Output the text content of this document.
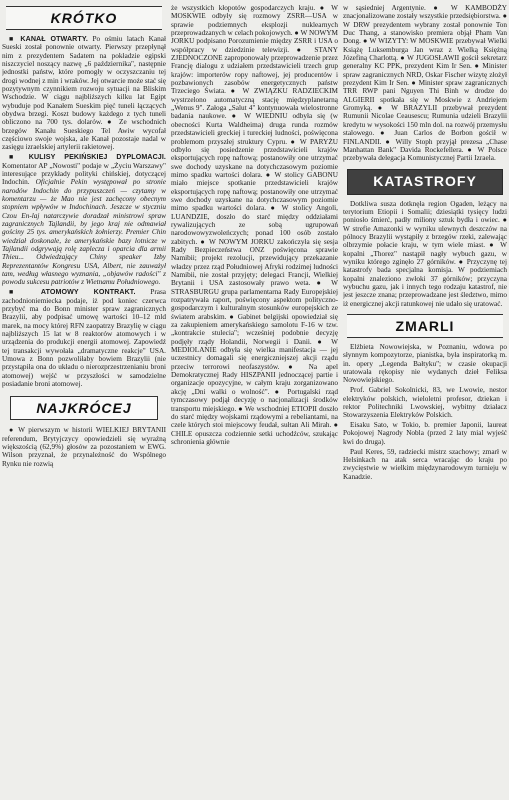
KRÓTKO

■ KANAŁ OTWARTY. Po ośmiu latach Kanał Sueski został ponownie otwarty. Pierwszy przepłynął nim z prezydentem Sadatem na pokładzie egipski niszczyciel noszący nazwę „6 października", następnie jednostki państw, które pomogły w oczyszczaniu tej drogi wodnej z min i wraków. Jej otwarcie może stać się pozytywnym czynnikiem rozwoju sytuacji na Bliskim Wschodzie. W ciągu najbliższych kilku lat Egipt wybuduje pod Kanałem Sueskim pięć tuneli łączących obydwa brzegi. Koszt budowy każdego z tych tuneli obliczono na 700 tys. dolarów. ● Ze wschodnich brzegów Kanału Sueskiego Tel Awiw wycofał częściowo swoje wojska, ale Kanał pozostaje nadal w zasięgu izraelskiej artylerii rakietowej.

■ KULISY PEKIŃSKIEJ DYPLOMACJI. Komentator AP „Nowosti" podaje w „Życiu Warszawy" interesujące przykłady polityki chińskiej, dotyczącej Indochin. Oficjalnie Pekin występował po stronie narodów Indochin do przypuszczeń — czytamy w komentarzu — że Mao nie jest zachęcony obecnym stopniem wpływów w Indochinach. Jeszcze w styczniu Czou En-laj natarczywie doradzał ministrowi spraw zagranicznych Tajlandii, by jego kraj nie odmawiał gościny 25 tys. amerykańskich żołnierzy. Premier Chin wiedział doskonale, że amerykańskie bazy lotnicze w Tajlandii odgrywają rolę zaplecza i oparcia dla armii Thieu... Odwiedzający Chiny speaker Izby Reprezentantów Kongresu USA, Albert, nie zauważył tam, według własnego wyznania, „objawów radości" z powodu sukcesu patriotów z Wietnamu Południowego.

■ ATOMOWY KONTRAKT. Prasa zachodnioniemiecka podaje, iż pod koniec czerwca przybyć ma do Bonn minister spraw zagranicznych Brazylii, aby podpisać umowę wartości 10–12 mld marek, na mocy której RFN zaopatrzy Brazylię w ciągu najbliższych 15 lat w 8 reaktorów atomowych i w urządzenia do produkcji energii atomowej. Zapowiedź tej transakcji wywołała „dramatyczne reakcje" USA. Umowa z Bonn pozwoliłaby bowiem Brazylii (nie przystąpiła ona do układu o nierozprzestrzenianiu broni atomowej) wejść w przyszłości w samodzielne posiadanie broni atomowej.

NAJKRÓCEJ

● W pierwszym w historii WIELKIEJ BRYTANII referendum, Brytyjczycy opowiedzieli się wyraźną większością (62,9%) głosów za pozostaniem w EWG. Wilson przyznał, że przynależność do Wspólnego Rynku nie rozwią

że wszystkich kłopotów gospodarczych kraju. ● W MOSKWIE odbyły się rozmowy ZSRR—USA w sprawie podziemnych eksplozji nuklearnych przeprowadzanych w celach pokojowych. ● W NOWYM JORKU podpisano Porozumienie między ZSRR i USA o współpracy w dziedzinie telewizji. ● STANY ZJEDNOCZONE zaproponowały przeprowadzenie przez Francję dialogu z udziałem przedstawicieli trzech grup krajów: importerów ropy naftowej, jej producentów i pozbawionych zasobów energetycznych państw Trzeciego Świata. ● W ZWIĄZKU RADZIECKIM wystrzelono automatyczną stację międzyplanetarną „Wenus 9". Załoga „Salut 4" kontynuowała wielostronne badania naukowe. ● W WIEDNIU odbyła się (w obecności Kurta Waldheima) druga runda rozmów przedstawicieli greckiej i tureckiej ludności, poświęcona problemom przyszłej struktury Cypru. ● W PARYŻU odbyło się posiedzenie przedstawicieli krajów eksportujących ropę naftową; postanowiły one utrzymać swe dochody uzyskane na dotychczasowym poziomie mimo spadku wartości dolara. ● W stolicy GABONU miało miejsce spotkanie przedstawicieli krajów eksportujących ropę naftową; postanowiły one utrzymać swe dochody uzyskane na dotychczasowym poziomie mimo spadku wartości dolara. ● W stolicy Angoli, LUANDZIE, doszło do starć między oddziałami rywalizujących ze sobą ugrupowań narodowowyzwoleńczych; ponad 100 osób zostało zabitych. ● W NOWYM JORKU zakończyła się sesja Rady Bezpieczeństwa ONZ poświęcona sprawie Namibii; projekt rezolucji, przewidujący przekazanie władzy przez rząd Południowej Afryki rodzimej ludności Namibii, nie został przyjęty; delegaci Francji, Wielkiej Brytanii i USA zastosowały prawo weta. ● W STRASBURGU grupa parlamentarna Rady Europejskiej rozpatrywała raport, poświęcony aspektom polityczno-gospodarczym i kulturalnym stosunków europejskich ze światem arabskim. ● Gabinet belgijski opowiedział się za zakupieniem amerykańskiego samolotu F-16 w tzw. „kontrakcie stulecia"; wcześniej podobnie decyzję podjęły rządy Holandii, Norwegii i Danii. ● W MEDIOLANIE odbyła się wielka manifestacja — jej uczestnicy domagali się energiczniejszej akcji rządu przeciw terrorowi neofaszystów. ● Na apel Demokratycznej Rady HISZPANII jednoczącej partie i organizacje opozycyjne, w całym kraju zorganizowano akcję „Dni walki o wolność". ● Portugalski rząd tymczasowy podjął decyzję o nacjonalizacji środków transportu miejskiego. ● We wschodniej ETIOPII doszło do starć między wojskami rządowymi a rebeliantami, na czele których stoi miejscowy feudał, sułtan Ali Mirah. ● CHILE opuszcza codziennie setki uchodźców, szukając schronienia głównie

w sąsiedniej Argentynie. ● W KAMBODŻY znacjonalizowane zostały wszystkie przedsiębiorstwa. ● W DRW prezydentem wybrany został ponownie Ton Duc Thang, a stanowisko premiera objął Pham Van Dong. ● W WIZYTY: W MOSKWIE przebywał Wielki Książę Luksemburga Jan wraz z Wielką Księżną Józefiną Charlottą. ● W JUGOSŁAWII gościł sekretarz generalny KC PPK, prezydent Kim Ir Sen. ● Minister spraw zagranicznych NRD, Oskar Fischer wizytę złożył prezydent Kim Ir Sen. ● Minister spraw zagranicznych TRR RWP pani Nguyen Thi Binh w drodze do ALGIERII spotkała się w Moskwie z Andriejem Gromyką. ● W BRAZYLII przebywał prezydent Rumunii Nicolae Ceausescu; Rumunia udzieli Brazylii kredytu w wysokości 150 mln dol. na rozwój przemysłu stalowego. ● Juan Carlos de Borbon gościł w FINLANDII. ● Willy Stoph przyjął prezesa „Chase Manhattan Bank" Davida Rockefellera. ● W Polsce przebywała delegacja Komunistycznej Partii Izraela.

KATASTROFY

Dotkliwa susza dotknęła region Ogaden, leżący na terytorium Etiopii i Somalii; dziesiątki tysięcy ludzi poniosło śmierć, padły miliony sztuk bydła i owiec. ● W strefie Amazonki w wyniku ulewnych deszczów na pólnocy Brazylii wystąpiły z brzegów rzeki, zalewając olbrzymie połacie kraju, w tym wiele miast. ● W kopalni „Thorez" nastąpił nagły wybuch gazu, w wyniku którego zginęło 27 górników. ● Przyczynę tej katastrofy bada specjalna komisja. W podziemiach kopalni znaleziono zwłoki 37 górników; przyczyna wybuchu gazu, jak i innych tego rodzaju katastrof, nie jest jeszcze znana; przeprowadzane jest śledztwo, mimo iż energicznej akcji ratunkowej nie udało się uratować.

ZMARLI

Elżbieta Nowowiejska, w Poznaniu, wdowa po słynnym kompozytorze, pianistka, była inspiratorką m. in. opery „Legenda Bałtyku"; w czasie okupacji uratowała rękopisy nie wydanych dzieł Feliksa Nowowiejskiego.

Prof. Gabriel Sokolnicki, 83, we Lwowie, nestor elektryków polskich, wieloletni profesor, dziekan i rektor Politechniki Lwowskiej, wybitny działacz Stowarzyszenia Elektryków Polskich.

Eisaku Sato, w Tokio, b. premier Japonii, laureat Pokojowej Nagrody Nobla (przed 2 laty mial wyjeść kwi do druga).

Paul Keres, 59, radziecki mistrz szachowy; zmarł w Helsinkach na atak serca wracając do kraju po zwycięstwie w wielkim międzynarodowym turnieju w Kanadzie.
